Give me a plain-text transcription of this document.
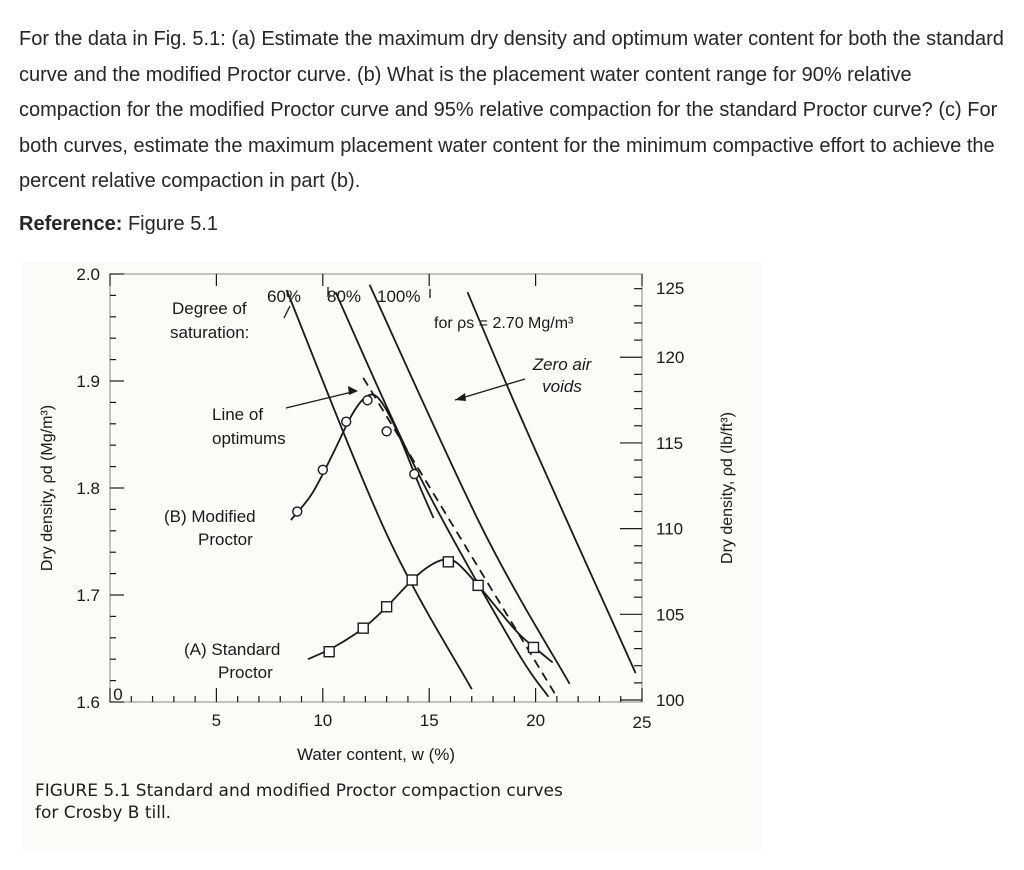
For the data in Fig. 5.1: (a) Estimate the maximum dry density and optimum water content for both the standard curve and the modified Proctor curve. (b) What is the placement water content range for 90% relative compaction for the modified Proctor curve and 95% relative compaction for the standard Proctor curve? (c) For both curves, estimate the maximum placement water content for the minimum compactive effort to achieve the percent relative compaction in part (b).
Reference: Figure 5.1
1.6
1.7
1.8
1.9
2.0
100
105
110
115
120
125
0
5	10	15	20	25
Water content, w (%)
Dry density, ρd (Mg/m³)	Dry density, ρd (lb/ft³)
Degree of
saturation:
60% 80% 100%
for ρs = 2.70 Mg/m³
Zero air
voids
Line of
optimums
(B) Modified
Proctor
(A) Standard
Proctor
FIGURE 5.1 Standard and modified Proctor compaction curves
for Crosby B till.
